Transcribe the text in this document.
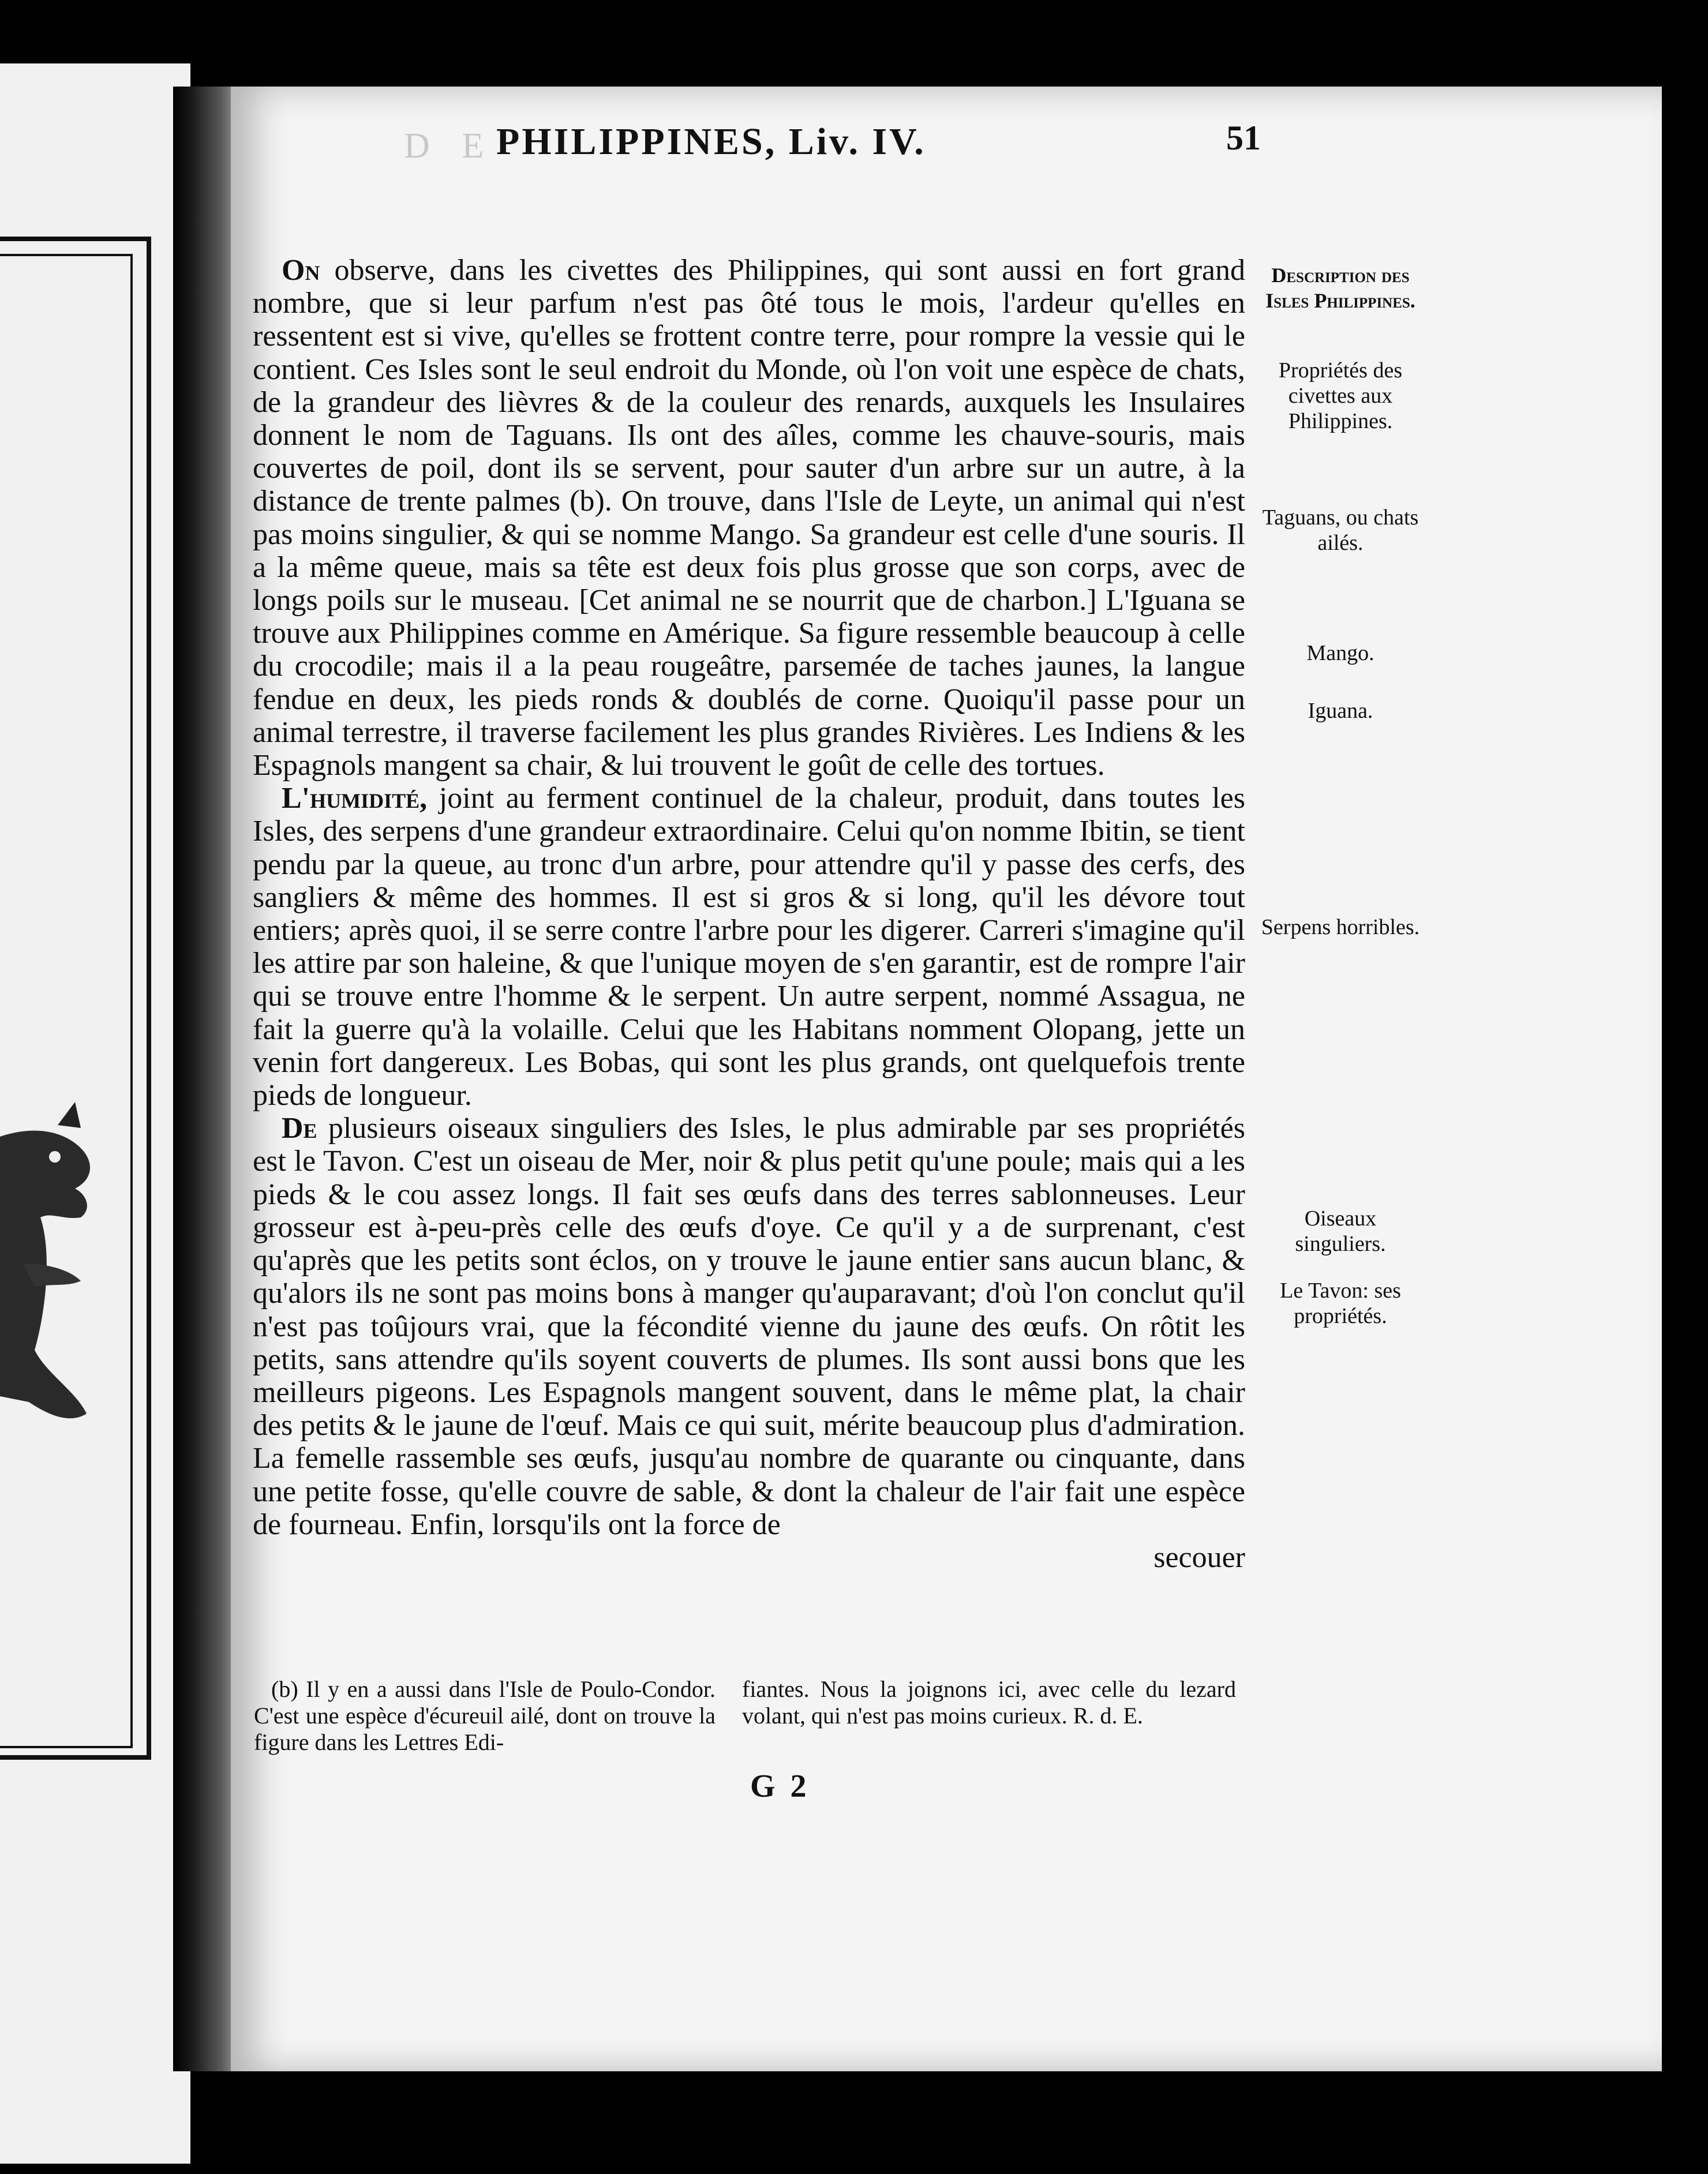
D E PHILIPPINES, Liv. IV.	51

On observe, dans les civettes des Philippines, qui sont aussi en fort grand nombre, que si leur parfum n'est pas ôté tous le mois, l'ardeur qu'elles en ressentent est si vive, qu'elles se frottent contre terre, pour rompre la vessie qui le contient. Ces Isles sont le seul endroit du Monde, où l'on voit une espèce de chats, de la grandeur des lièvres & de la couleur des renards, auxquels les Insulaires donnent le nom de Taguans. Ils ont des aîles, comme les chauve-souris, mais couvertes de poil, dont ils se servent, pour sauter d'un arbre sur un autre, à la distance de trente palmes (b). On trouve, dans l'Isle de Leyte, un animal qui n'est pas moins singulier, & qui se nomme Mango. Sa grandeur est celle d'une souris. Il a la même queue, mais sa tête est deux fois plus grosse que son corps, avec de longs poils sur le museau. [Cet animal ne se nourrit que de charbon.] L'Iguana se trouve aux Philippines comme en Amérique. Sa figure ressemble beaucoup à celle du crocodile; mais il a la peau rougeâtre, parsemée de taches jaunes, la langue fendue en deux, les pieds ronds & doublés de corne. Quoiqu'il passe pour un animal terrestre, il traverse facilement les plus grandes Rivières. Les Indiens & les Espagnols mangent sa chair, & lui trouvent le goût de celle des tortues.

L'humidité, joint au ferment continuel de la chaleur, produit, dans toutes les Isles, des serpens d'une grandeur extraordinaire. Celui qu'on nomme Ibitin, se tient pendu par la queue, au tronc d'un arbre, pour attendre qu'il y passe des cerfs, des sangliers & même des hommes. Il est si gros & si long, qu'il les dévore tout entiers; après quoi, il se serre contre l'arbre pour les digerer. Carreri s'imagine qu'il les attire par son haleine, & que l'unique moyen de s'en garantir, est de rompre l'air qui se trouve entre l'homme & le serpent. Un autre serpent, nommé Assagua, ne fait la guerre qu'à la volaille. Celui que les Habitans nomment Olopang, jette un venin fort dangereux. Les Bobas, qui sont les plus grands, ont quelquefois trente pieds de longueur.

De plusieurs oiseaux singuliers des Isles, le plus admirable par ses propriétés est le Tavon. C'est un oiseau de Mer, noir & plus petit qu'une poule; mais qui a les pieds & le cou assez longs. Il fait ses œufs dans des terres sablonneuses. Leur grosseur est à-peu-près celle des œufs d'oye. Ce qu'il y a de surprenant, c'est qu'après que les petits sont éclos, on y trouve le jaune entier sans aucun blanc, & qu'alors ils ne sont pas moins bons à manger qu'auparavant; d'où l'on conclut qu'il n'est pas toûjours vrai, que la fécondité vienne du jaune des œufs. On rôtit les petits, sans attendre qu'ils soyent couverts de plumes. Ils sont aussi bons que les meilleurs pigeons. Les Espagnols mangent souvent, dans le même plat, la chair des petits & le jaune de l'œuf. Mais ce qui suit, mérite beaucoup plus d'admiration. La femelle rassemble ses œufs, jusqu'au nombre de quarante ou cinquante, dans une petite fosse, qu'elle couvre de sable, & dont la chaleur de l'air fait une espèce de fourneau. Enfin, lorsqu'ils ont la force de

secouer
Description des Isles Philippines.
Propriétés des civettes aux Philippines.
Taguans, ou chats ailés.
Mango.
Iguana.
Serpens horribles.
Oiseaux singuliers.
Le Tavon: ses propriétés.
(b) Il y en a aussi dans l'Isle de Poulo-Condor. C'est une espèce d'écureuil ailé, dont on trouve la figure dans les Lettres Edi-
fiantes. Nous la joignons ici, avec celle du lezard volant, qui n'est pas moins curieux. R. d. E.
G 2
